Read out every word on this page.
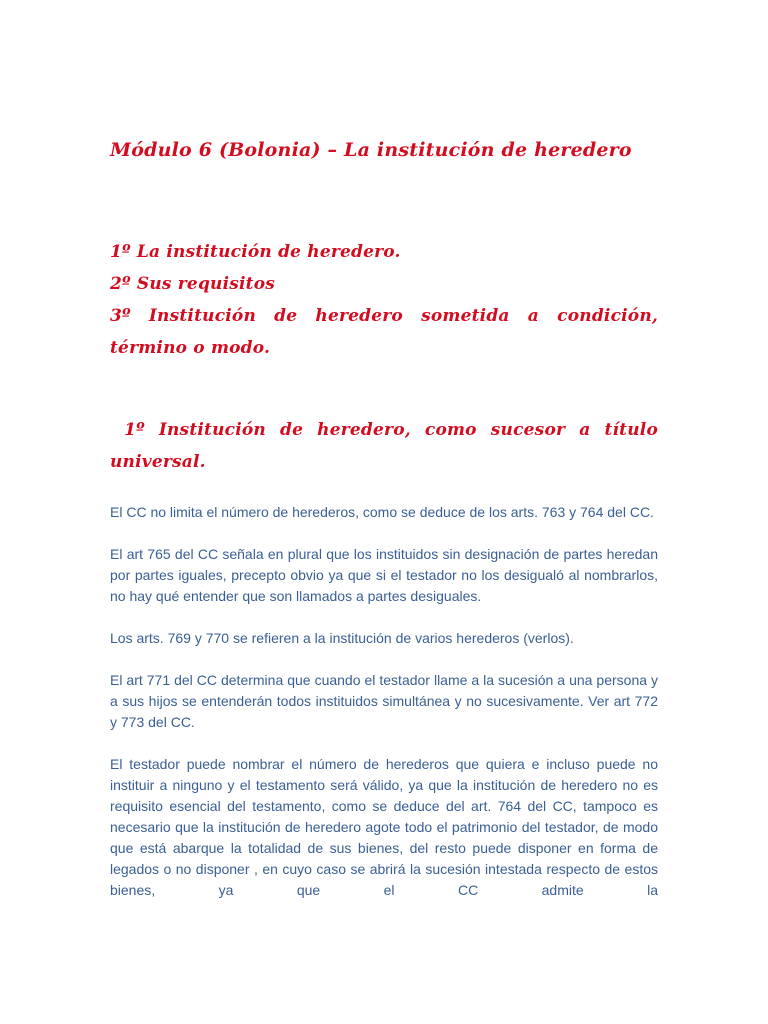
Módulo 6 (Bolonia) – La institución de heredero

1º La institución de heredero.

2º Sus requisitos

3º Institución de heredero sometida a condición, término o modo.

1º Institución de heredero, como sucesor a título universal.

El CC no limita el número de herederos, como se deduce de los arts. 763 y 764 del CC.

El art 765 del CC señala en plural que los instituidos sin designación de partes heredan por partes iguales, precepto obvio ya que si el testador no los desigualó al nombrarlos, no hay qué entender que son llamados a partes desiguales.

Los arts. 769 y 770 se refieren a la institución de varios herederos (verlos).

El art 771 del CC determina que cuando el testador llame a la sucesión a una persona y a sus hijos se entenderán todos instituidos simultánea y no sucesivamente. Ver art 772 y 773 del CC.

El testador puede nombrar el número de herederos que quiera e incluso puede no instituir a ninguno y el testamento será válido, ya que la institución de heredero no es requisito esencial del testamento, como se deduce del art. 764 del CC, tampoco es necesario que la institución de heredero agote todo el patrimonio del testador, de modo que está abarque la totalidad de sus bienes, del resto puede disponer en forma de legados o no disponer , en cuyo caso se abrirá la sucesión intestada respecto de estos bienes, ya que el CC admite la
